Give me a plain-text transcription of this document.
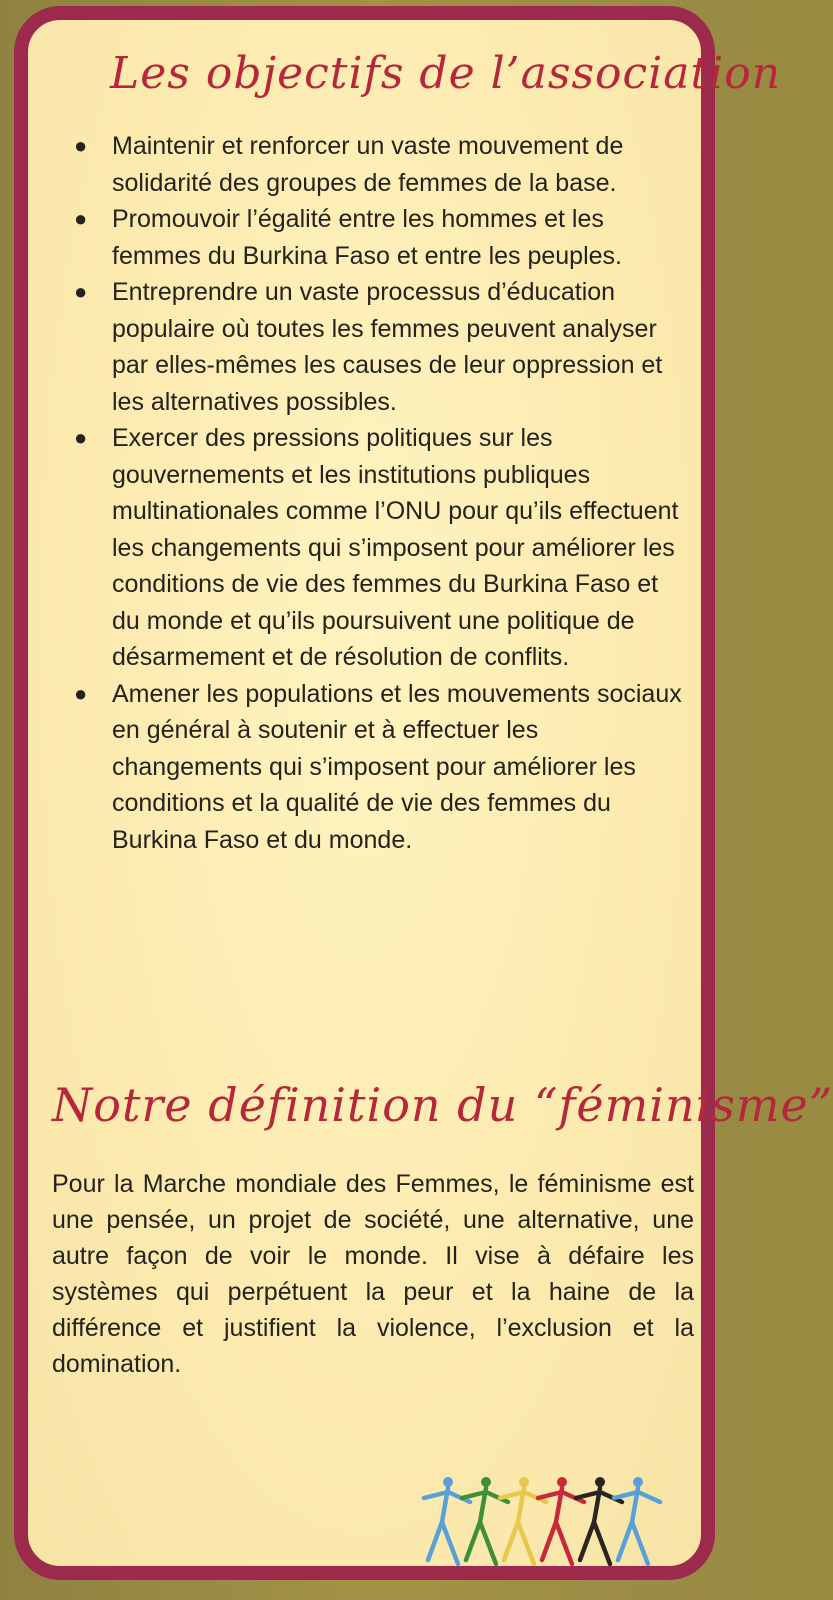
Les objectifs de l’association
● Maintenir et renforcer un vaste mouvement de solidarité des groupes de femmes de la base.
● Promouvoir l’égalité entre les hommes et les femmes du Burkina Faso et entre les peuples.
● Entreprendre un vaste processus d’éducation populaire où toutes les femmes peuvent analyser par elles-mêmes les causes de leur oppression et les alternatives possibles.
● Exercer des pressions politiques sur les gouvernements et les institutions publiques multinationales comme l’ONU pour qu’ils effectuent les changements qui s’imposent pour améliorer les conditions de vie des femmes du Burkina Faso et du monde et qu’ils poursuivent une politique de désarmement et de résolution de conflits.
● Amener les populations et les mouvements sociaux en général à soutenir et à effectuer les changements qui s’imposent pour améliorer les conditions et la qualité de vie des femmes du Burkina Faso et du monde.
Notre définition du “féminisme”

Pour la Marche mondiale des Femmes, le féminisme est une pensée, un projet de société, une alternative, une autre façon de voir le monde. Il vise à défaire les systèmes qui perpétuent la peur et la haine de la différence et justifient la violence, l’exclusion et la domination.
